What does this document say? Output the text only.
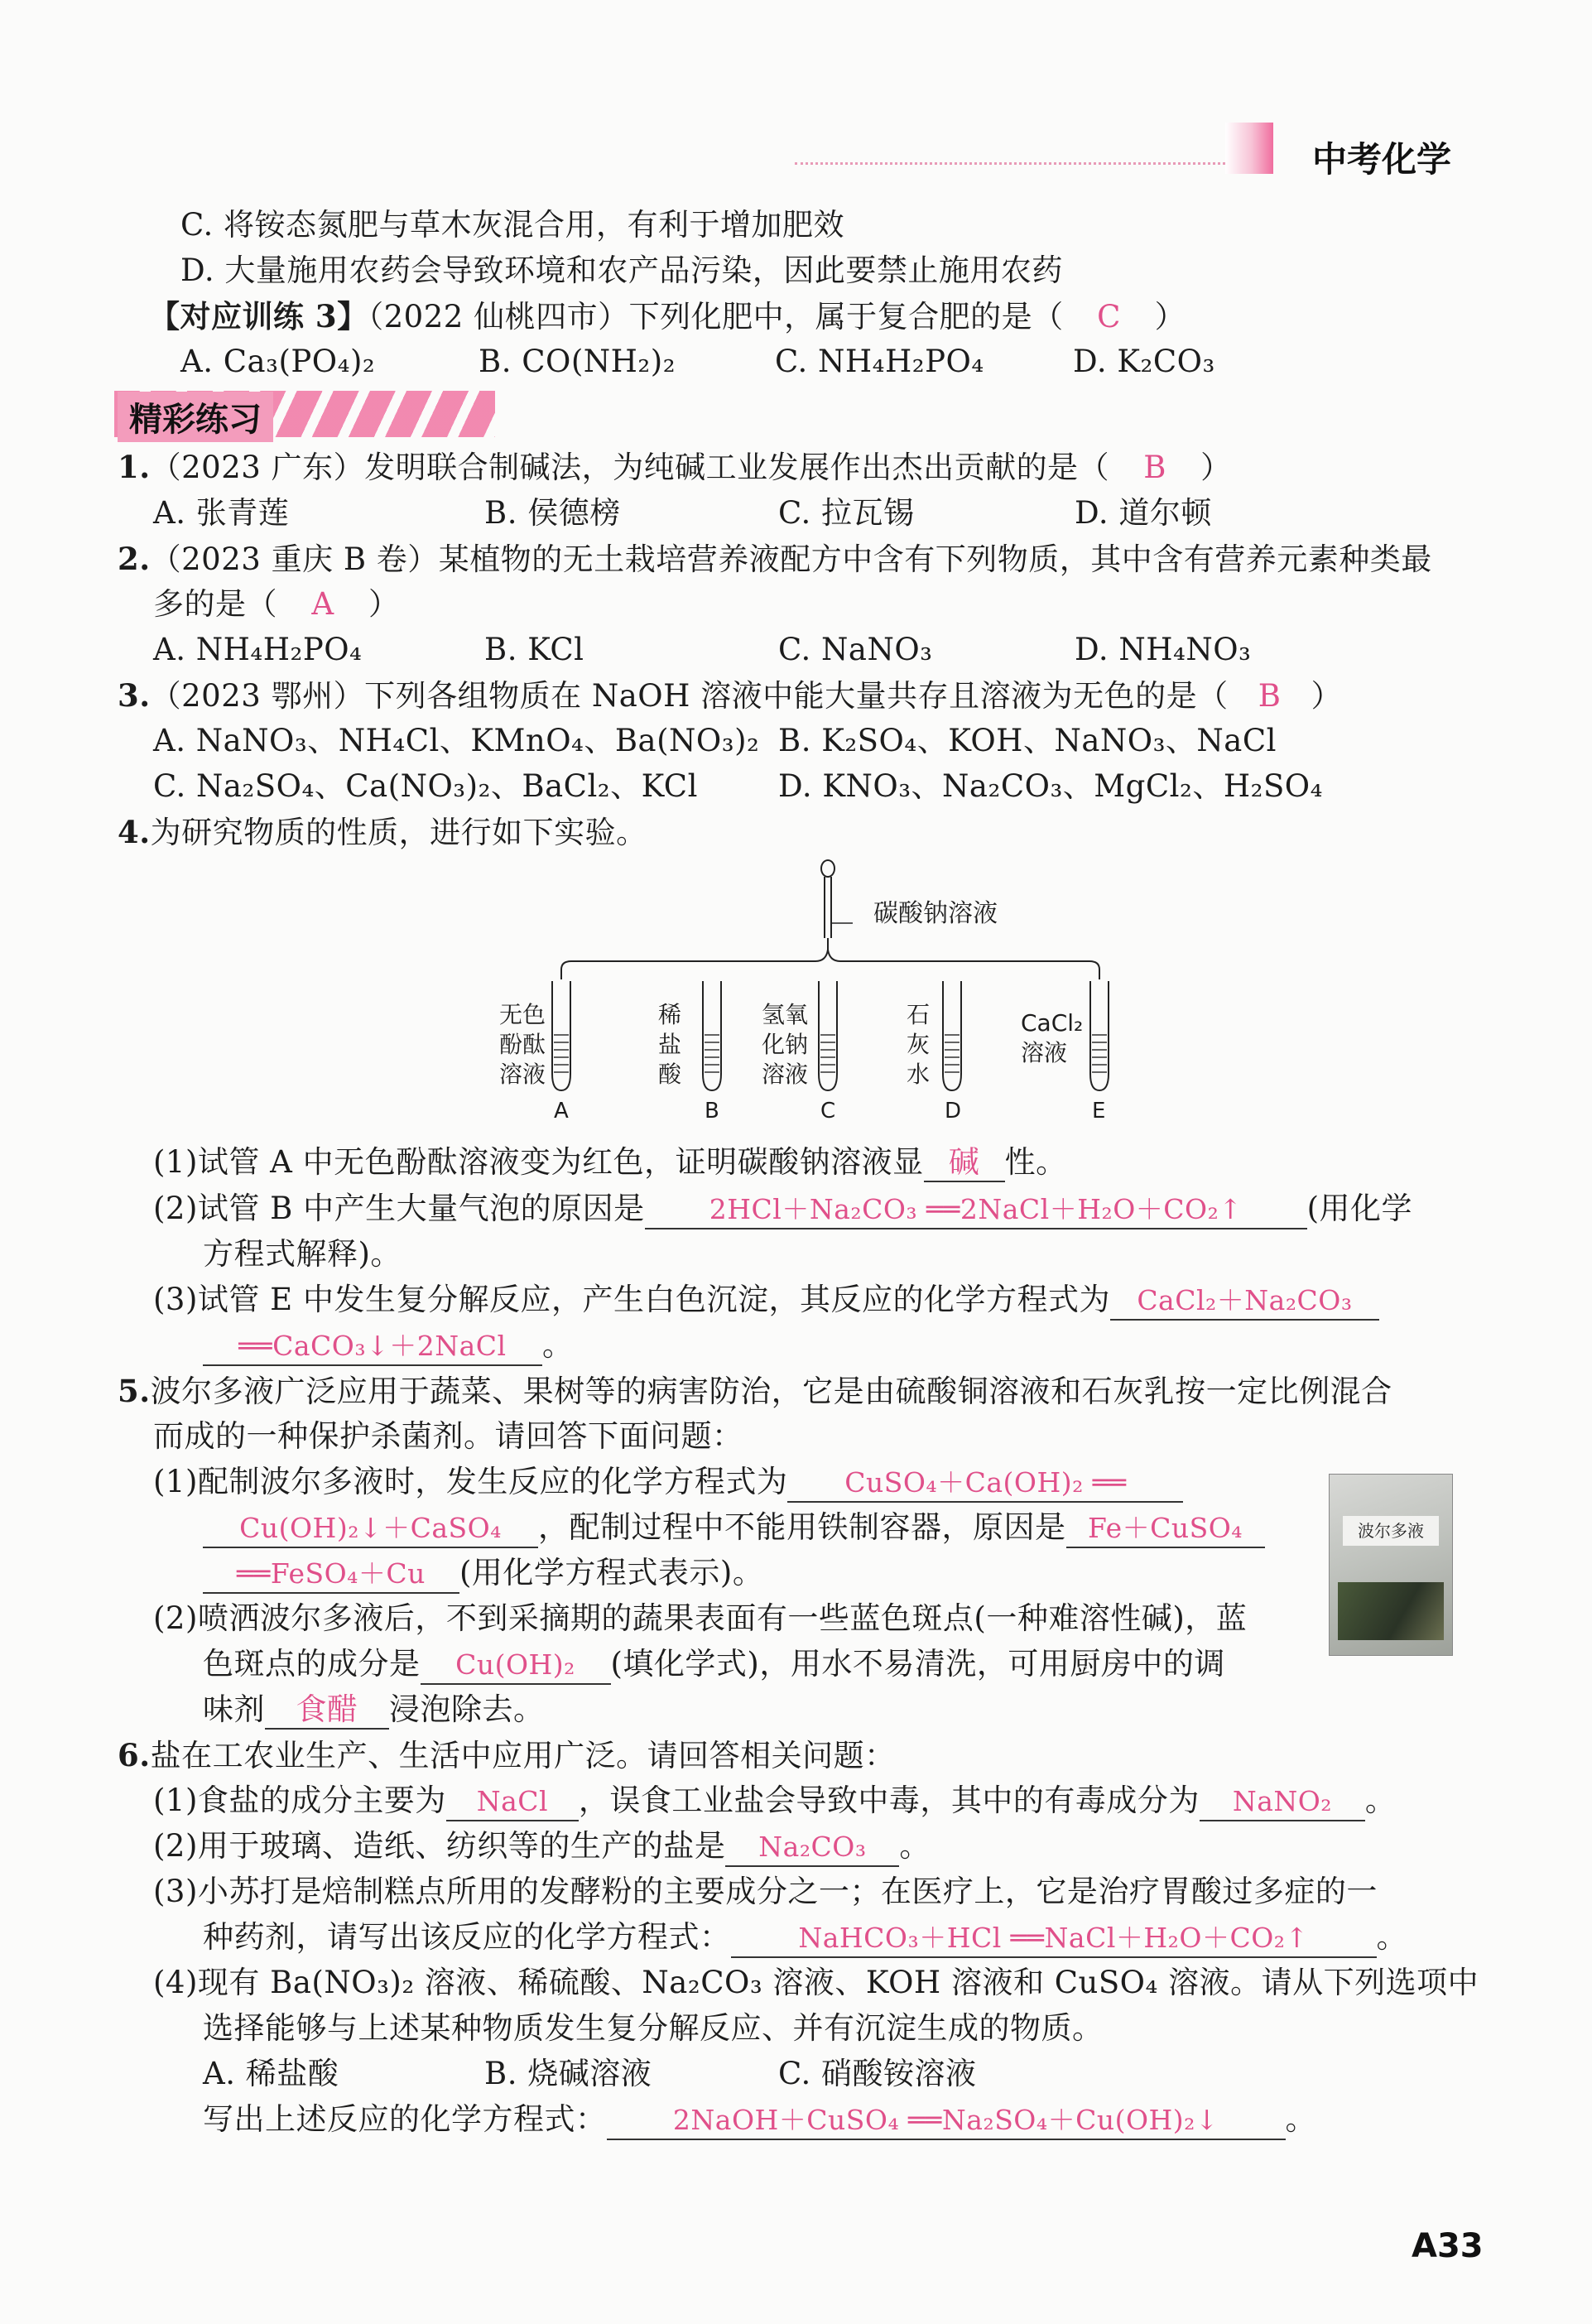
中考化学
C. 将铵态氮肥与草木灰混合用，有利于增加肥效
D. 大量施用农药会导致环境和农产品污染，因此要禁止施用农药
【对应训练 3】（2022 仙桃四市）下列化肥中，属于复合肥的是（ C ）
A. Ca₃(PO₄)₂	B. CO(NH₂)₂	C. NH₄H₂PO₄	D. K₂CO₃
精彩练习
1.（2023 广东）发明联合制碱法，为纯碱工业发展作出杰出贡献的是（ B ）
A. 张青莲	B. 侯德榜	C. 拉瓦锡	D. 道尔顿
2.（2023 重庆 B 卷）某植物的无土栽培营养液配方中含有下列物质，其中含有营养元素种类最
多的是（ A ）
A. NH₄H₂PO₄	B. KCl	C. NaNO₃	D. NH₄NO₃
3.（2023 鄂州）下列各组物质在 NaOH 溶液中能大量共存且溶液为无色的是（ B ）
A. NaNO₃、NH₄Cl、KMnO₄、Ba(NO₃)₂ B. K₂SO₄、KOH、NaNO₃、NaCl
C. Na₂SO₄、Ca(NO₃)₂、BaCl₂、KCl	D. KNO₃、Na₂CO₃、MgCl₂、H₂SO₄
4.为研究物质的性质，进行如下实验。
碳酸钠溶液
无色
酚酞
溶液
A
稀
盐
酸
B
氢氧
化钠
溶液
C
石
灰
水
D
CaCl₂
溶液
E
(1)试管 A 中无色酚酞溶液变为红色，证明碳酸钠溶液显 碱 性。
(2)试管 B 中产生大量气泡的原因是 2HCl＋Na₂CO₃ ══2NaCl＋H₂O＋CO₂↑ (用化学
方程式解释)。
(3)试管 E 中发生复分解反应，产生白色沉淀，其反应的化学方程式为 CaCl₂＋Na₂CO₃
══CaCO₃↓＋2NaCl 。
5.波尔多液广泛应用于蔬菜、果树等的病害防治，它是由硫酸铜溶液和石灰乳按一定比例混合
而成的一种保护杀菌剂。请回答下面问题：
(1)配制波尔多液时，发生反应的化学方程式为 CuSO₄＋Ca(OH)₂ ══
Cu(OH)₂↓＋CaSO₄ ，配制过程中不能用铁制容器，原因是 Fe＋CuSO₄
══FeSO₄＋Cu (用化学方程式表示)。
(2)喷洒波尔多液后，不到采摘期的蔬果表面有一些蓝色斑点(一种难溶性碱)，蓝
色斑点的成分是 Cu(OH)₂ (填化学式)，用水不易清洗，可用厨房中的调
味剂 食醋 浸泡除去。
波尔多液
6.盐在工农业生产、生活中应用广泛。请回答相关问题：
(1)食盐的成分主要为 NaCl ，误食工业盐会导致中毒，其中的有毒成分为 NaNO₂ 。
(2)用于玻璃、造纸、纺织等的生产的盐是 Na₂CO₃ 。
(3)小苏打是焙制糕点所用的发酵粉的主要成分之一；在医疗上，它是治疗胃酸过多症的一
种药剂，请写出该反应的化学方程式： NaHCO₃＋HCl ══NaCl＋H₂O＋CO₂↑ 。
(4)现有 Ba(NO₃)₂ 溶液、稀硫酸、Na₂CO₃ 溶液、KOH 溶液和 CuSO₄ 溶液。请从下列选项中
选择能够与上述某种物质发生复分解反应、并有沉淀生成的物质。
A. 稀盐酸	B. 烧碱溶液	C. 硝酸铵溶液
写出上述反应的化学方程式： 2NaOH＋CuSO₄ ══Na₂SO₄＋Cu(OH)₂↓ 。
A33
